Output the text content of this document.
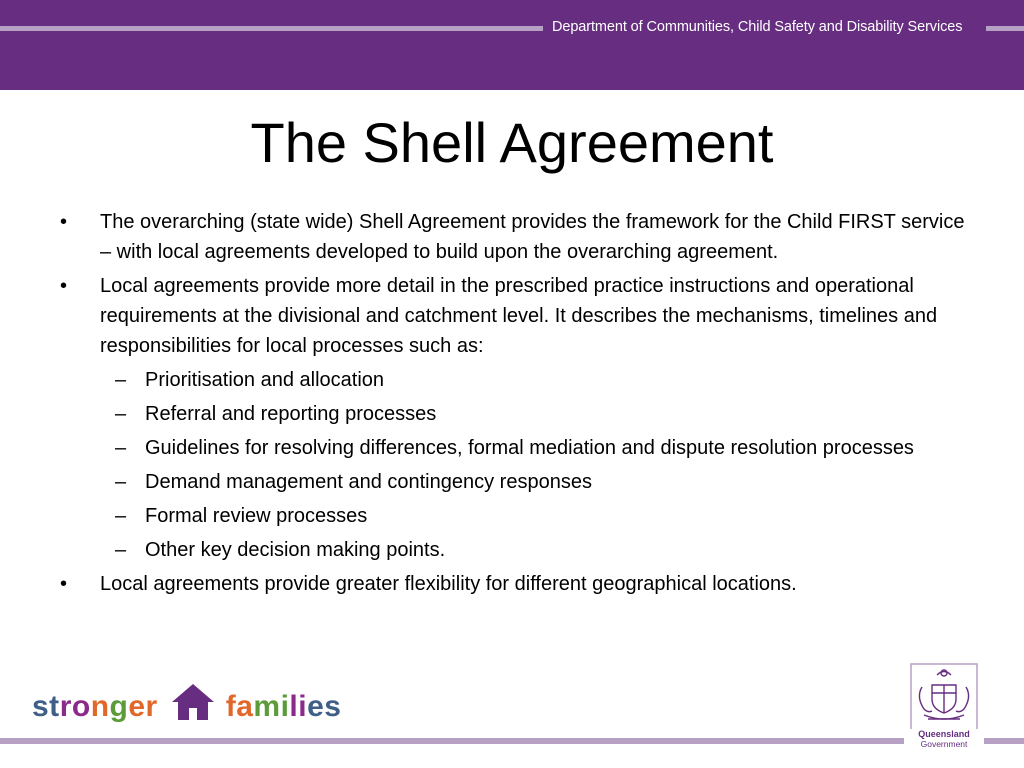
Department of Communities, Child Safety and Disability Services
The Shell Agreement
• The overarching (state wide) Shell Agreement provides the framework for the Child FIRST service – with local agreements developed to build upon the overarching agreement.
• Local agreements provide more detail in the prescribed practice instructions and operational requirements at the divisional and catchment level. It describes the mechanisms, timelines and responsibilities for local processes such as:
– Prioritisation and allocation
– Referral and reporting processes
– Guidelines for resolving differences, formal mediation and dispute resolution processes
– Demand management and contingency responses
– Formal review processes
– Other key decision making points.
• Local agreements provide greater flexibility for different geographical locations.
stronger families
Queensland
Government
